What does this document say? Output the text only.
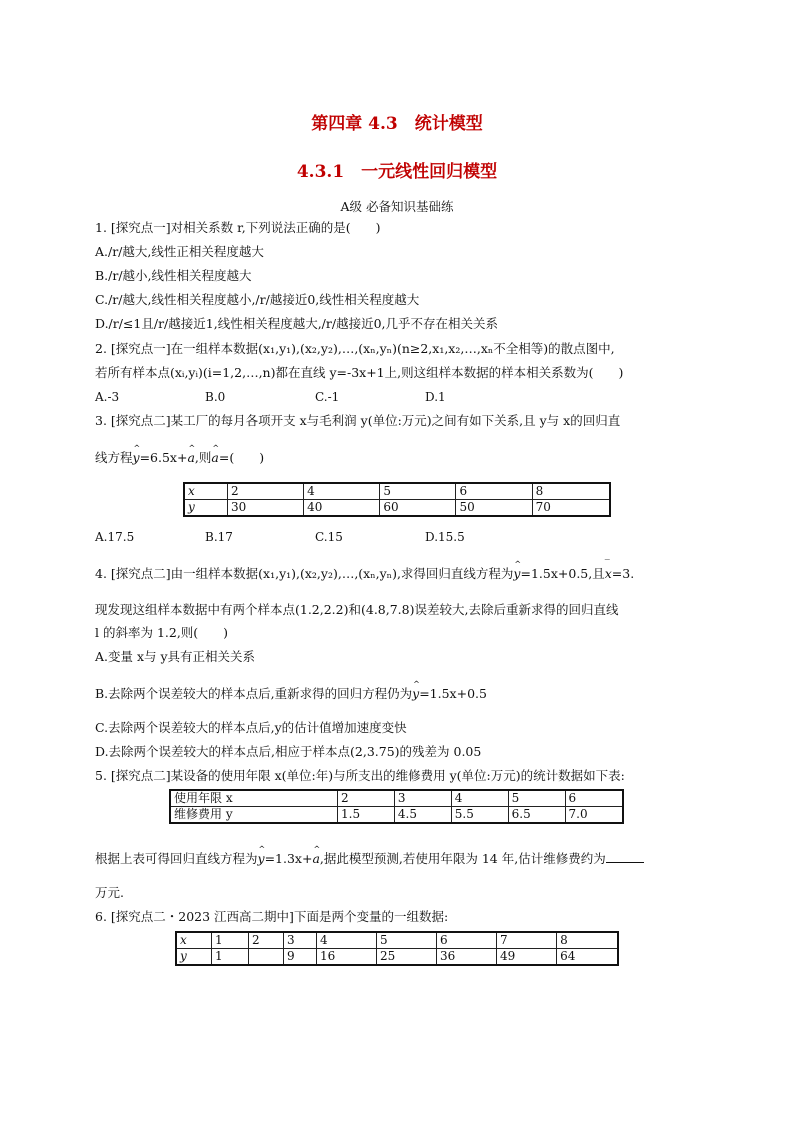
第四章 4.3　统计模型
4.3.1　一元线性回归模型
A级 必备知识基础练
1. [探究点一]对相关系数 r,下列说法正确的是(　　)
A./r/越大,线性正相关程度越大
B./r/越小,线性相关程度越大
C./r/越大,线性相关程度越小,/r/越接近0,线性相关程度越大
D./r/≤1且/r/越接近1,线性相关程度越大,/r/越接近0,几乎不存在相关关系
2. [探究点一]在一组样本数据(x₁,y₁),(x₂,y₂),…,(xₙ,yₙ)(n≥2,x₁,x₂,…,xₙ不全相等)的散点图中,
若所有样本点(xᵢ,yᵢ)(i=1,2,…,n)都在直线 y=-3x+1上,则这组样本数据的样本相关系数为(　　)
A.-3	B.0	C.-1	D.1
3. [探究点二]某工厂的每月各项开支 x与毛利润 y(单位:万元)之间有如下关系,且 y与 x的回归直
线方程^ y=6.5x+^ a,则^ a=(　　)
x	2	4	5	6	8
y	30	40	60	50	70
A.17.5	B.17	C.15	D.15.5
4. [探究点二]由一组样本数据(x₁,y₁),(x₂,y₂),…,(xₙ,yₙ),求得回归直线方程为^ y=1.5x+0.5,且‾ x=3.
现发现这组样本数据中有两个样本点(1.2,2.2)和(4.8,7.8)误差较大,去除后重新求得的回归直线
l 的斜率为 1.2,则(　　)
A.变量 x与 y具有正相关关系
B.去除两个误差较大的样本点后,重新求得的回归方程仍为^ y=1.5x+0.5
C.去除两个误差较大的样本点后,y的估计值增加速度变快
D.去除两个误差较大的样本点后,相应于样本点(2,3.75)的残差为 0.05
5. [探究点二]某设备的使用年限 x(单位:年)与所支出的维修费用 y(单位:万元)的统计数据如下表:
使用年限 x	2	3	4	5	6
维修费用 y	1.5	4.5	5.5	6.5	7.0
根据上表可得回归直线方程为^ y=1.3x+^ a,据此模型预测,若使用年限为 14 年,估计维修费约为
万元.
6. [探究点二・2023 江西高二期中]下面是两个变量的一组数据:
x	1	2	3	4	5	6	7	8
y	1		9	16	25	36	49	64
